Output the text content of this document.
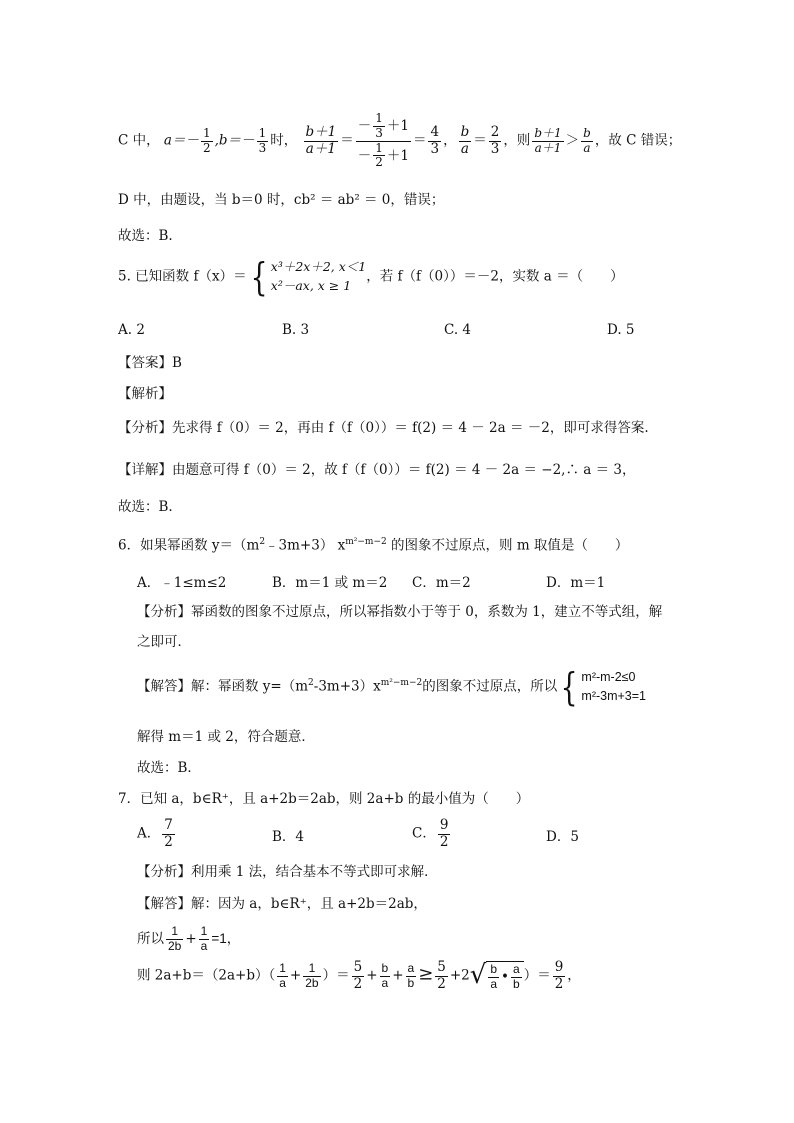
C 中， $a=- \frac{1}{2} ,b=- \frac{1}{3}$ 时， $\frac{b+1}{a+1} = \frac{- \frac{1}{3} +1}{- \frac{1}{2} +1} = \frac{4}{3}$ ， $\frac{b}{a} = \frac{2}{3}$ ，则 $\frac{b+1}{a+1} > \frac{b}{a}$ ，故 C 错误；
D 中，由题设，当 b＝0 时，cb² ＝ ab² ＝ 0，错误；
故选：B.
5. 已知函数 f（x）＝{ x³＋2x＋2, x＜1
x²－ax, x ≥ 1
，若 f（f（0））＝－2，实数 a ＝（　　）
A. 2	B. 3	C. 4	D. 5
【答案】B
【解析】
【分析】先求得 f（0）＝ 2，再由 f（f（0））＝ f(2) ＝ 4 － 2a ＝ －2，即可求得答案.
【详解】由题意可得 f（0）＝ 2，故 f（f（0））＝ f(2) ＝ 4 － 2a ＝ −2,∴ a ＝ 3，
故选：B.
6．如果幂函数 $y=(m^2﹣3m+3)$ $x^{m^2-m-2}$ 的图象不过原点，则 m 取值是（　　）
A．﹣1≤m≤2	B．m＝1 或 m＝2 C．m＝2	D．m＝1
【分析】幂函数的图象不过原点，所以幂指数小于等于 0，系数为 1，建立不等式组，解
之即可．
【解答】解：幂函数 $y=(m^2-3m+3)x^{m^2-m-2}$的图象不过原点，所以{ m²-m-2≤0
m²-3m+3=1
解得 m＝1 或 2，符合题意．
故选：B．
7．已知 a，b∈R⁺，且 a+2b＝2ab，则 2a+b 的最小值为（　　）
A． $\frac{7}{2}$	B．4	C． $\frac{9}{2}$	D．5
【分析】利用乘 1 法，结合基本不等式即可求解．
【解答】解：因为 a，b∈R⁺，且 a+2b＝2ab，
所以 $\frac{1}{2b} + \frac{1}{a} =1$，
则 $2a+b=(2a+b)( \frac{1}{a} + \frac{1}{2b}$ ）＝ $\frac{5}{2} + \frac{b}{a} + \frac{a}{b} \ge \frac{5}{2} +2√ \frac{b}{a}$ • $\frac{a}{b}$ ）＝ $\frac{9}{2}$ ，
